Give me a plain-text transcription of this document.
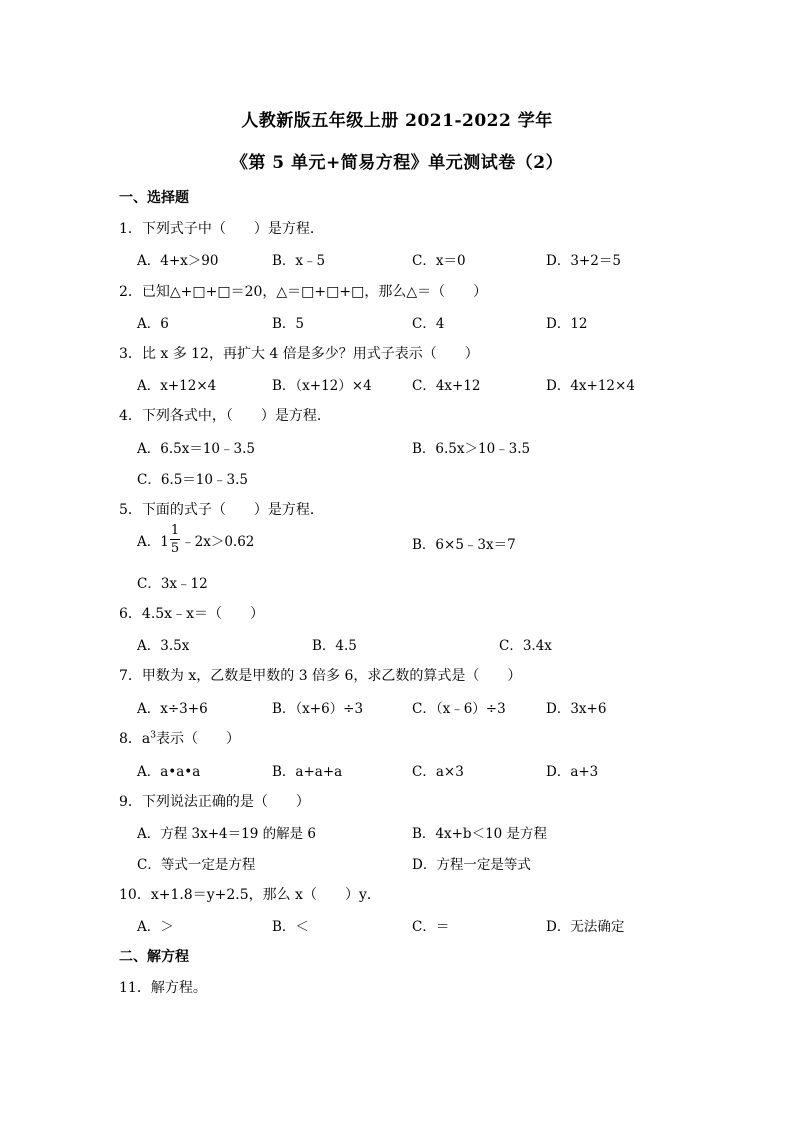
人教新版五年级上册 2021-2022 学年
《第 5 单元+简易方程》单元测试卷（2）
一、选择题
1．下列式子中（　　）是方程．
A．4+x＞90	B．x﹣5	C．x＝0	D．3+2＝5
2．已知△+□+□＝20，△＝□+□+□，那么△＝（　　）
A．6	B．5	C．4	D．12
3．比 x 多 12，再扩大 4 倍是多少？用式子表示（　　）
A．x+12×4	B．（x+12）×4	C．4x+12	D．4x+12×4
4．下列各式中，（　　）是方程．
A．6.5x＝10﹣3.5	B．6.5x＞10﹣3.5
C．6.5＝10﹣3.5
5．下面的式子（　　）是方程．
A．$1 \frac{1}{5}$ ﹣2x＞0.62	B．6×5﹣3x＝7
C．3x﹣12
6．4.5x﹣x＝（　　）
A．3.5x	B．4.5	C．3.4x
7．甲数为 x，乙数是甲数的 3 倍多 6，求乙数的算式是（　　）
A．x÷3+6	B．（x+6）÷3	C．（x﹣6）÷3	D．3x+6
8．$a^3$表示（　　）
A．a•a•a	B．a+a+a	C．a×3	D．a+3
9．下列说法正确的是（　　）
A．方程 3x+4＝19 的解是 6	B．4x+b＜10 是方程
C．等式一定是方程	D．方程一定是等式
10．x+1.8＝y+2.5，那么 x（　　）y．
A．＞	B．＜	C．＝	D．无法确定
二、解方程
11．解方程。
